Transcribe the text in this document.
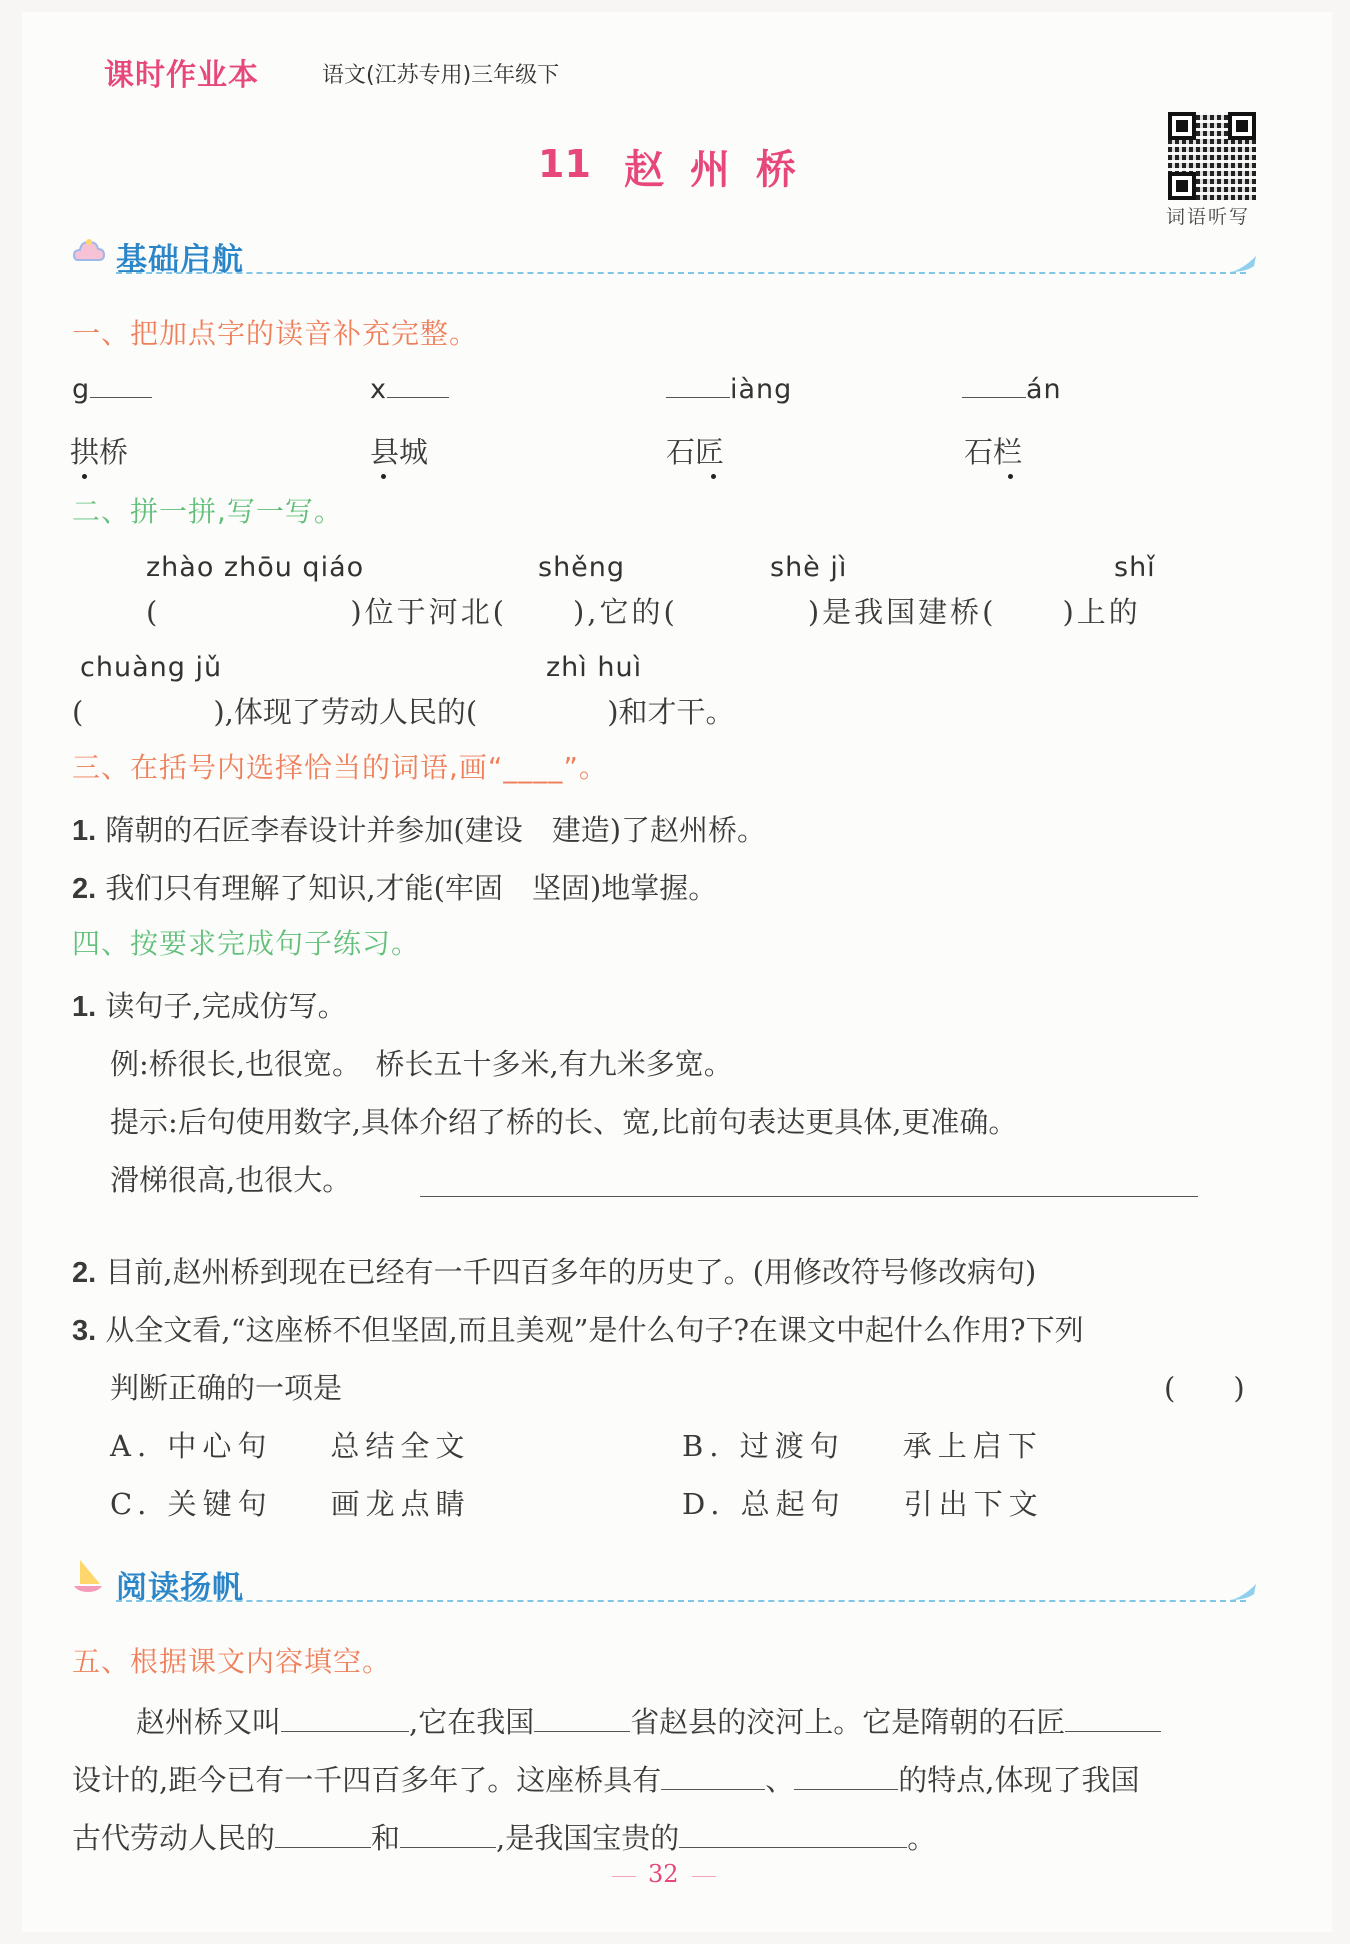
课时作业本	语文(江苏专用)三年级下
词语听写
11 赵 州 桥
基础启航
一、把加点字的读音补充完整。
g	x	iàng	án
拱桥	县城	石匠	石栏
二、拼一拼,写一写。
zhào zhōu qiáo	shěng	shè jì	shǐ
(	)位于河北( ),它的(	)是我国建桥( )上的
chuàng jǔ	zhì huì
(	),体现了劳动人民的(	)和才干。
三、在括号内选择恰当的词语,画“____”。
1. 隋朝的石匠李春设计并参加(建设　建造)了赵州桥。
2. 我们只有理解了知识,才能(牢固　坚固)地掌握。
四、按要求完成句子练习。
1. 读句子,完成仿写。
例:桥很长,也很宽。　桥长五十多米,有九米多宽。
提示:后句使用数字,具体介绍了桥的长、宽,比前句表达更具体,更准确。
滑梯很高,也很大。
2. 目前,赵州桥到现在已经有一千四百多年的历史了。(用修改符号修改病句)
3. 从全文看,“这座桥不但坚固,而且美观”是什么句子?在课文中起什么作用?下列
判断正确的一项是	(　　)
A. 中心句 总结全文	B. 过渡句 承上启下
C. 关键句 画龙点睛	D. 总起句 引出下文
阅读扬帆
五、根据课文内容填空。
赵州桥又叫	,它在我国	省赵县的洨河上。它是隋朝的石匠
设计的,距今已有一千四百多年了。这座桥具有	、	的特点,体现了我国
古代劳动人民的	和	,是我国宝贵的	。
32
